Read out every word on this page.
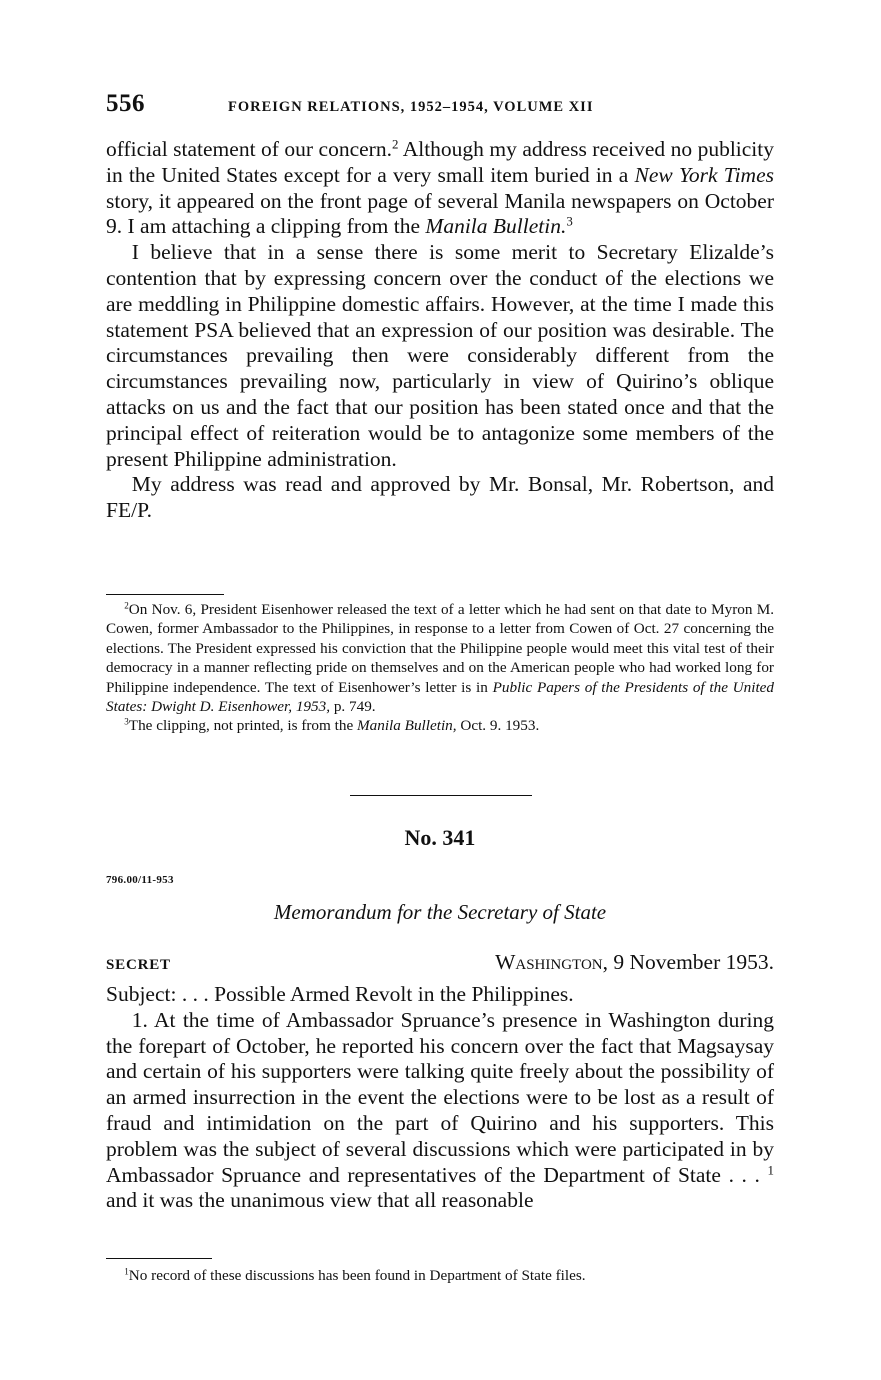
556	FOREIGN RELATIONS, 1952–1954, VOLUME XII

official statement of our concern.$^2$ Although my address received no publicity in the United States except for a very small item buried in a New York Times story, it appeared on the front page of several Manila newspapers on October 9. I am attaching a clipping from the Manila Bulletin.$^3$

I believe that in a sense there is some merit to Secretary Elizalde’s contention that by expressing concern over the conduct of the elections we are meddling in Philippine domestic affairs. However, at the time I made this statement PSA believed that an expression of our position was desirable. The circumstances prevailing then were considerably different from the circumstances prevailing now, particularly in view of Quirino’s oblique attacks on us and the fact that our position has been stated once and that the principal effect of reiteration would be to antagonize some members of the present Philippine administration.

My address was read and approved by Mr. Bonsal, Mr. Robertson, and FE/P.

$^2$On Nov. 6, President Eisenhower released the text of a letter which he had sent on that date to Myron M. Cowen, former Ambassador to the Philippines, in response to a letter from Cowen of Oct. 27 concerning the elections. The President expressed his conviction that the Philippine people would meet this vital test of their democracy in a manner reflecting pride on themselves and on the American people who had worked long for Philippine independence. The text of Eisenhower’s letter is in Public Papers of the Presidents of the United States: Dwight D. Eisenhower, 1953, p. 749.

$^3$The clipping, not printed, is from the Manila Bulletin, Oct. 9. 1953.

No. 341
796.00/11-953
Memorandum for the Secretary of State
SECRET	Washington, 9 November 1953.

Subject: . . . Possible Armed Revolt in the Philippines.

1. At the time of Ambassador Spruance’s presence in Washington during the forepart of October, he reported his concern over the fact that Magsaysay and certain of his supporters were talking quite freely about the possibility of an armed insurrection in the event the elections were to be lost as a result of fraud and intimidation on the part of Quirino and his supporters. This problem was the subject of several discussions which were participated in by Ambassador Spruance and representatives of the Department of State . . . $^1$ and it was the unanimous view that all reasonable

$^1$No record of these discussions has been found in Department of State files.
